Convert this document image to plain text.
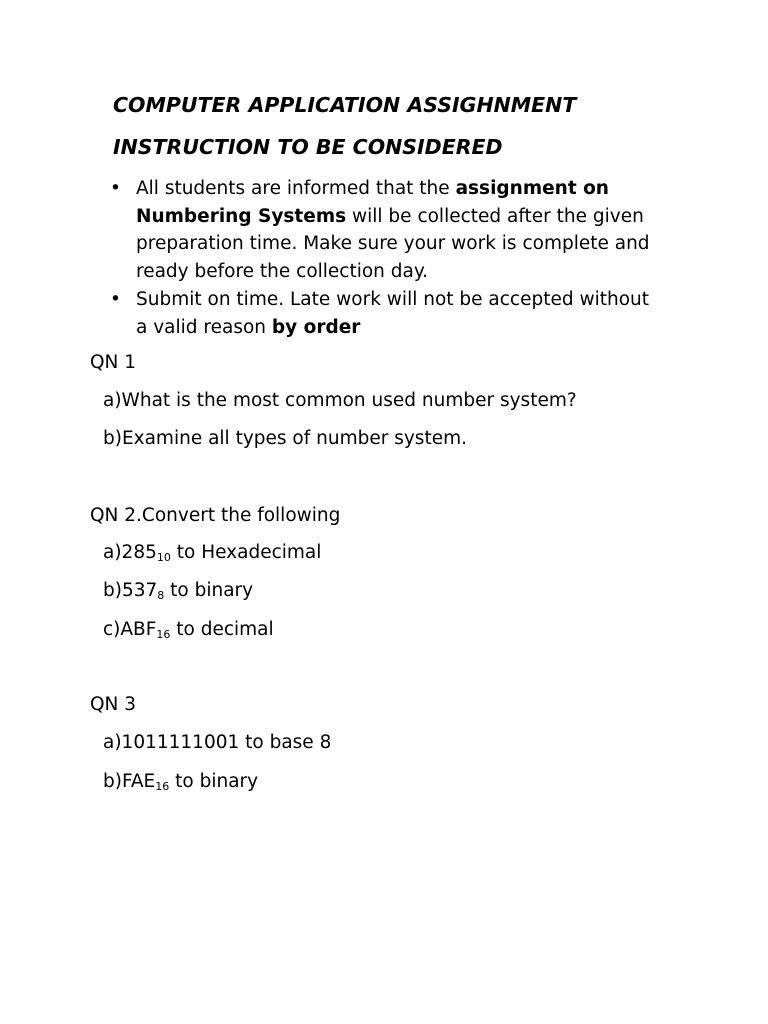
COMPUTER APPLICATION ASSIGHNMENT
INSTRUCTION TO BE CONSIDERED
• All students are informed that the assignment on Numbering Systems will be collected after the given preparation time. Make sure your work is complete and ready before the collection day.
• Submit on time. Late work will not be accepted without a valid reason by order
QN 1
a)What is the most common used number system?
b)Examine all types of number system.
QN 2.Convert the following
$a)285_{10}$ to Hexadecimal
$b)537_8$ to binary
$c)ABF_{16}$ to decimal
QN 3
a)1011111001 to base 8
$b)FAE_{16}$ to binary
